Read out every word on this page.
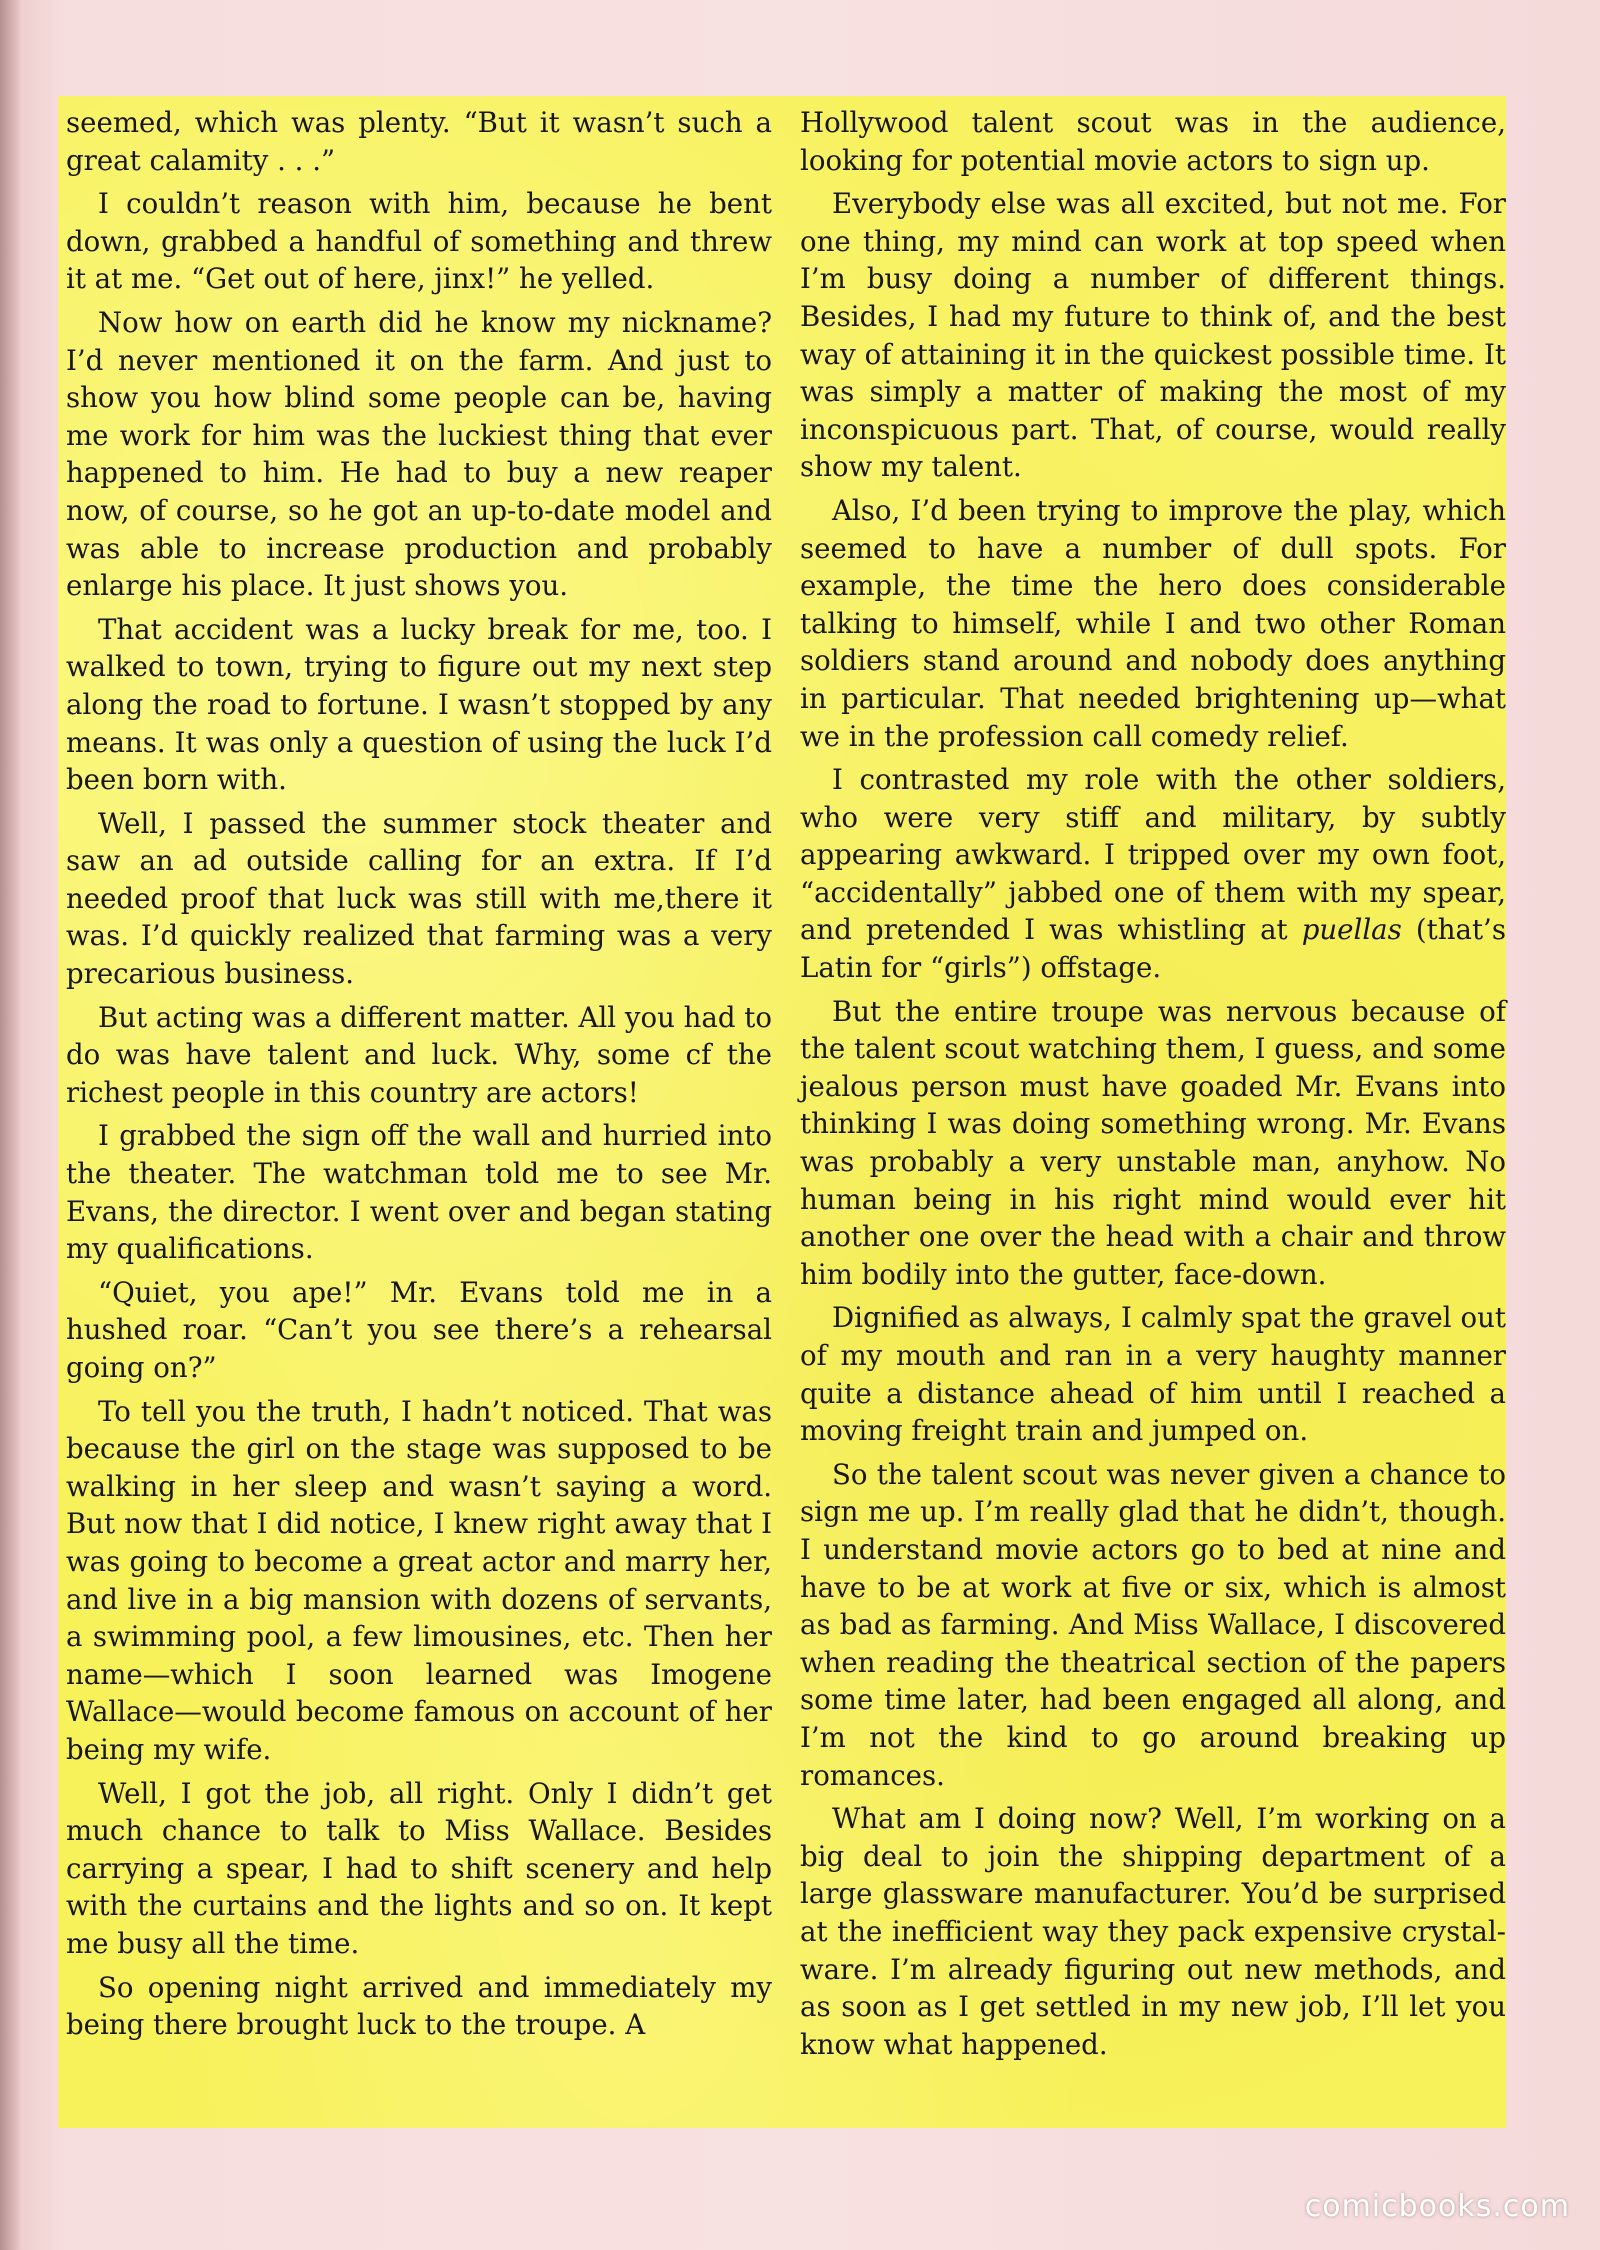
seemed, which was plenty. “But it wasn’t such a great calamity . . .”

I couldn’t reason with him, because he bent down, grabbed a handful of something and threw it at me. “Get out of here, jinx!” he yelled.

Now how on earth did he know my nickname? I’d never mentioned it on the farm. And just to show you how blind some people can be, having me work for him was the luckiest thing that ever happened to him. He had to buy a new reaper now, of course, so he got an up-to-date model and was able to increase production and probably enlarge his place. It just shows you.

That accident was a lucky break for me, too. I walked to town, trying to figure out my next step along the road to fortune. I wasn’t stopped by any means. It was only a question of using the luck I’d been born with.

Well, I passed the summer stock theater and saw an ad outside calling for an extra. If I’d needed proof that luck was still with me,there it was. I’d quickly realized that farming was a very precarious business.

But acting was a different matter. All you had to do was have talent and luck. Why, some cf the richest people in this country are actors!

I grabbed the sign off the wall and hurried into the theater. The watchman told me to see Mr. Evans, the director. I went over and began stating my qualifications.

“Quiet, you ape!” Mr. Evans told me in a hushed roar. “Can’t you see there’s a rehearsal going on?”

To tell you the truth, I hadn’t noticed. That was because the girl on the stage was supposed to be walking in her sleep and wasn’t saying a word. But now that I did notice, I knew right away that I was going to become a great actor and marry her, and live in a big mansion with dozens of servants, a swimming pool, a few limousines, etc. Then her name—which I soon learned was Imogene Wallace—would become famous on account of her being my wife.

Well, I got the job, all right. Only I didn’t get much chance to talk to Miss Wallace. Besides carrying a spear, I had to shift scenery and help with the curtains and the lights and so on. It kept me busy all the time.

So opening night arrived and immediately my being there brought luck to the troupe. A

Hollywood talent scout was in the audience, looking for potential movie actors to sign up.

Everybody else was all excited, but not me. For one thing, my mind can work at top speed when I’m busy doing a number of different things. Besides, I had my future to think of, and the best way of attaining it in the quickest possible time. It was simply a matter of making the most of my inconspicuous part. That, of course, would really show my talent.

Also, I’d been trying to improve the play, which seemed to have a number of dull spots. For example, the time the hero does considerable talking to himself, while I and two other Roman soldiers stand around and nobody does anything in particular. That needed brightening up—what we in the profession call comedy relief.

I contrasted my role with the other soldiers, who were very stiff and military, by subtly appearing awkward. I tripped over my own foot, “accidentally” jabbed one of them with my spear, and pretended I was whistling at puellas (that’s Latin for “girls”) offstage.

But the entire troupe was nervous because of the talent scout watching them, I guess, and some jealous person must have goaded Mr. Evans into thinking I was doing something wrong. Mr. Evans was probably a very unstable man, anyhow. No human being in his right mind would ever hit another one over the head with a chair and throw him bodily into the gutter, face-down.

Dignified as always, I calmly spat the gravel out of my mouth and ran in a very haughty manner quite a distance ahead of him until I reached a moving freight train and jumped on.

So the talent scout was never given a chance to sign me up. I’m really glad that he didn’t, though. I understand movie actors go to bed at nine and have to be at work at five or six, which is almost as bad as farming. And Miss Wallace, I discovered when reading the theatrical section of the papers some time later, had been engaged all along, and I’m not the kind to go around breaking up romances.

What am I doing now? Well, I’m working on a big deal to join the shipping department of a large glassware manufacturer. You’d be surprised at the inefficient way they pack expensive crystal-ware. I’m already figuring out new methods, and as soon as I get settled in my new job, I’ll let you know what happened.

comicbooks.com
